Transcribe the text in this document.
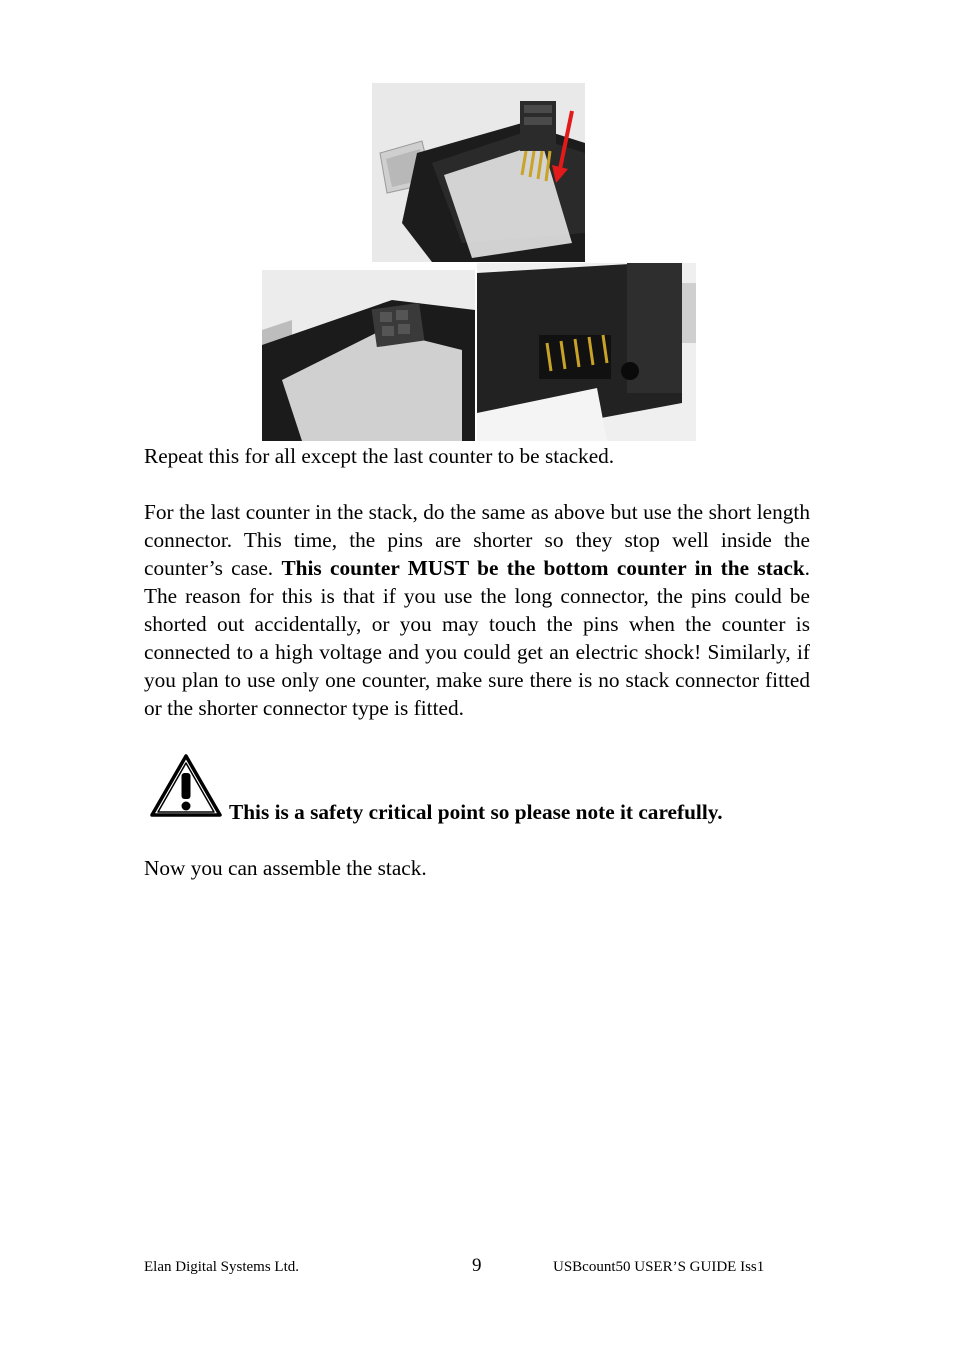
Repeat this for all except the last counter to be stacked.

For the last counter in the stack, do the same as above but use the short length connector. This time, the pins are shorter so they stop well inside the counter’s case. This counter MUST be the bottom counter in the stack. The reason for this is that if you use the long connector, the pins could be shorted out accidentally, or you may touch the pins when the counter is connected to a high voltage and you could get an electric shock! Similarly, if you plan to use only one counter, make sure there is no stack connector fitted or the shorter connector type is fitted.

This is a safety critical point so please note it carefully.

Now you can assemble the stack.

Elan Digital Systems Ltd.	9	USBcount50 USER’S GUIDE Iss1
